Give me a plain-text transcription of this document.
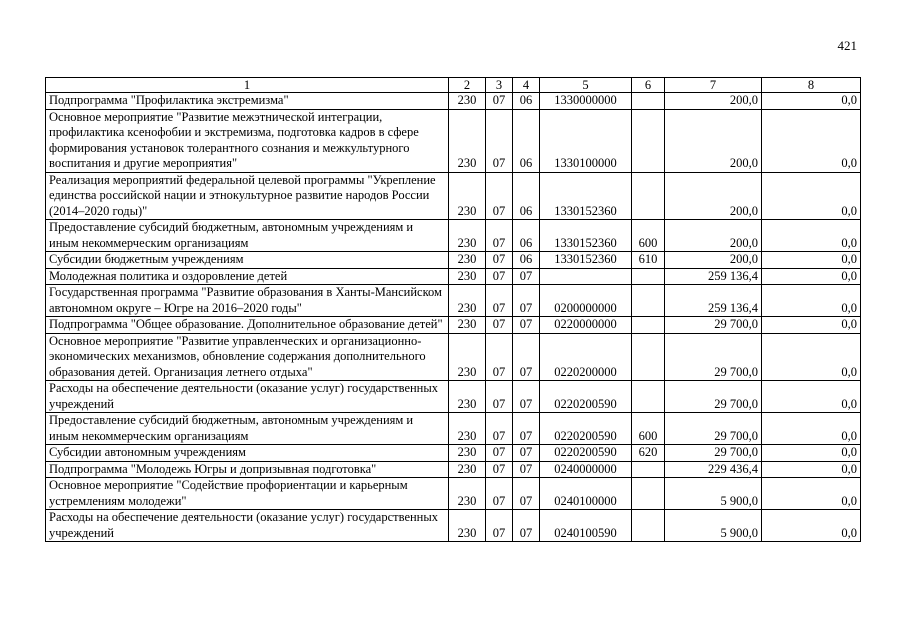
421
1	2	3	4	5	6	7	8
Подпрограмма "Профилактика экстремизма"	230	07	06	1330000000		200,0	0,0
Основное мероприятие "Развитие межэтнической интеграции, профилактика ксенофобии и экстремизма, подготовка кадров в сфере формирования установок толерантного сознания и межкультурного воспитания и другие мероприятия"	230	07	06	1330100000		200,0	0,0
Реализация мероприятий федеральной целевой программы "Укрепление единства российской нации и этнокультурное развитие народов России (2014–2020 годы)"	230	07	06	1330152360		200,0	0,0
Предоставление субсидий бюджетным, автономным учреждениям и иным некоммерческим организациям	230	07	06	1330152360	600	200,0	0,0
Субсидии бюджетным учреждениям	230	07	06	1330152360	610	200,0	0,0
Молодежная политика и оздоровление детей	230	07	07			259 136,4	0,0
Государственная программа "Развитие образования в Ханты-Мансийском автономном округе – Югре на 2016–2020 годы"	230	07	07	0200000000		259 136,4	0,0
Подпрограмма "Общее образование. Дополнительное образование детей"	230	07	07	0220000000		29 700,0	0,0
Основное мероприятие "Развитие управленческих и организационно-экономических механизмов, обновление содержания дополнительного образования детей. Организация летнего отдыха"	230	07	07	0220200000		29 700,0	0,0
Расходы на обеспечение деятельности (оказание услуг) государственных учреждений	230	07	07	0220200590		29 700,0	0,0
Предоставление субсидий бюджетным, автономным учреждениям и иным некоммерческим организациям	230	07	07	0220200590	600	29 700,0	0,0
Субсидии автономным учреждениям	230	07	07	0220200590	620	29 700,0	0,0
Подпрограмма "Молодежь Югры и допризывная подготовка"	230	07	07	0240000000		229 436,4	0,0
Основное мероприятие "Содействие профориентации и карьерным устремлениям молодежи"	230	07	07	0240100000		5 900,0	0,0
Расходы на обеспечение деятельности (оказание услуг) государственных учреждений	230	07	07	0240100590		5 900,0	0,0
